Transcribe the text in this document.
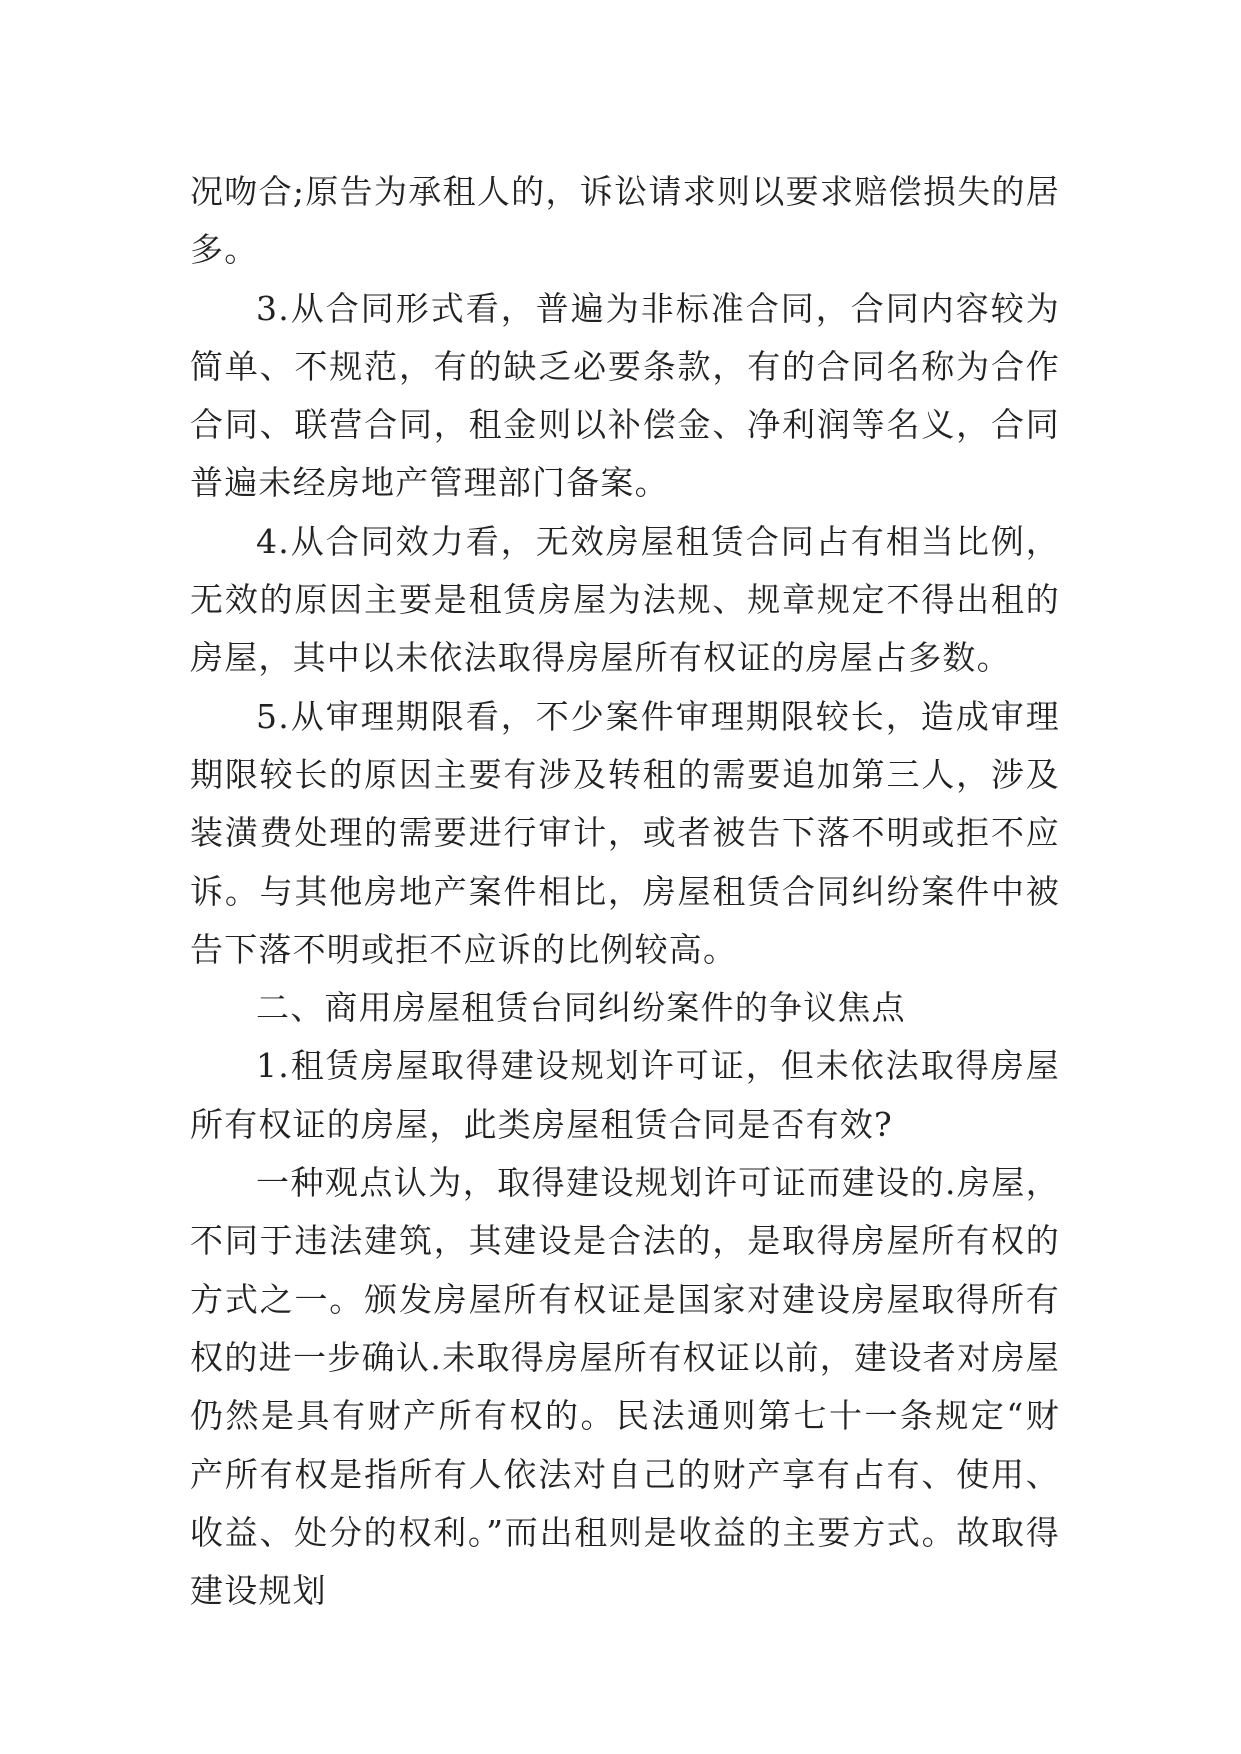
况吻合;原告为承租人的，诉讼请求则以要求赔偿损失的居多。

3.从合同形式看，普遍为非标准合同，合同内容较为简单、不规范，有的缺乏必要条款，有的合同名称为合作合同、联营合同，租金则以补偿金、净利润等名义，合同普遍未经房地产管理部门备案。

4.从合同效力看，无效房屋租赁合同占有相当比例，无效的原因主要是租赁房屋为法规、规章规定不得出租的房屋，其中以未依法取得房屋所有权证的房屋占多数。

5.从审理期限看，不少案件审理期限较长，造成审理期限较长的原因主要有涉及转租的需要追加第三人，涉及装潢费处理的需要进行审计，或者被告下落不明或拒不应诉。与其他房地产案件相比，房屋租赁合同纠纷案件中被告下落不明或拒不应诉的比例较高。

二、商用房屋租赁台同纠纷案件的争议焦点

1.租赁房屋取得建设规划许可证，但未依法取得房屋所有权证的房屋，此类房屋租赁合同是否有效?

一种观点认为，取得建设规划许可证而建设的.房屋，不同于违法建筑，其建设是合法的，是取得房屋所有权的方式之一。颁发房屋所有权证是国家对建设房屋取得所有权的进一步确认.未取得房屋所有权证以前，建设者对房屋仍然是具有财产所有权的。民法通则第七十一条规定“财产所有权是指所有人依法对自己的财产享有占有、使用、收益、处分的权利。”而出租则是收益的主要方式。故取得建设规划
